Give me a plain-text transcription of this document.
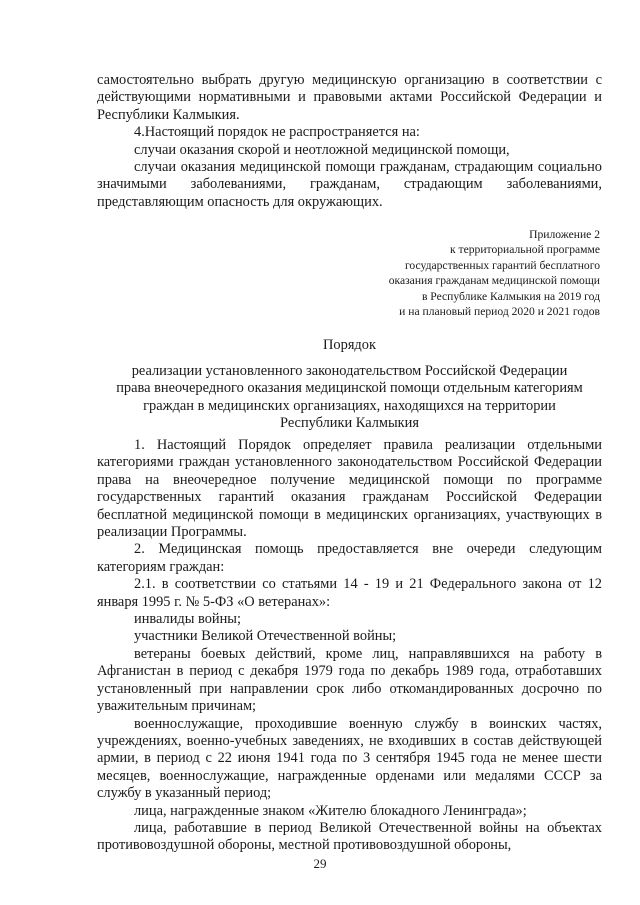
самостоятельно выбрать другую медицинскую организацию в соответствии с действующими нормативными и правовыми актами Российской Федерации и Республики Калмыкия.

4.Настоящий порядок не распространяется на:

случаи оказания скорой и неотложной медицинской помощи,

случаи оказания медицинской помощи гражданам, страдающим социально значимыми заболеваниями, гражданам, страдающим заболеваниями, представляющим опасность для окружающих.

Приложение 2
к территориальной программе
государственных гарантий бесплатного
оказания гражданам медицинской помощи
в Республике Калмыкия на 2019 год
и на плановый период 2020 и 2021 годов
Порядок
реализации установленного законодательством Российской Федерации
права внеочередного оказания медицинской помощи отдельным категориям
граждан в медицинских организациях, находящихся на территории
Республики Калмыкия

1. Настоящий Порядок определяет правила реализации отдельными категориями граждан установленного законодательством Российской Федерации права на внеочередное получение медицинской помощи по программе государственных гарантий оказания гражданам Российской Федерации бесплатной медицинской помощи в медицинских организациях, участвующих в реализации Программы.

2. Медицинская помощь предоставляется вне очереди следующим категориям граждан:

2.1. в соответствии со статьями 14 - 19 и 21 Федерального закона от 12 января 1995 г. № 5-ФЗ «О ветеранах»:

инвалиды войны;

участники Великой Отечественной войны;

ветераны боевых действий, кроме лиц, направлявшихся на работу в Афганистан в период с декабря 1979 года по декабрь 1989 года, отработавших установленный при направлении срок либо откомандированных досрочно по уважительным причинам;

военнослужащие, проходившие военную службу в воинских частях, учреждениях, военно-учебных заведениях, не входивших в состав действующей армии, в период с 22 июня 1941 года по 3 сентября 1945 года не менее шести месяцев, военнослужащие, награжденные орденами или медалями СССР за службу в указанный период;

лица, награжденные знаком «Жителю блокадного Ленинграда»;

лица, работавшие в период Великой Отечественной войны на объектах противовоздушной обороны, местной противовоздушной обороны,

29
